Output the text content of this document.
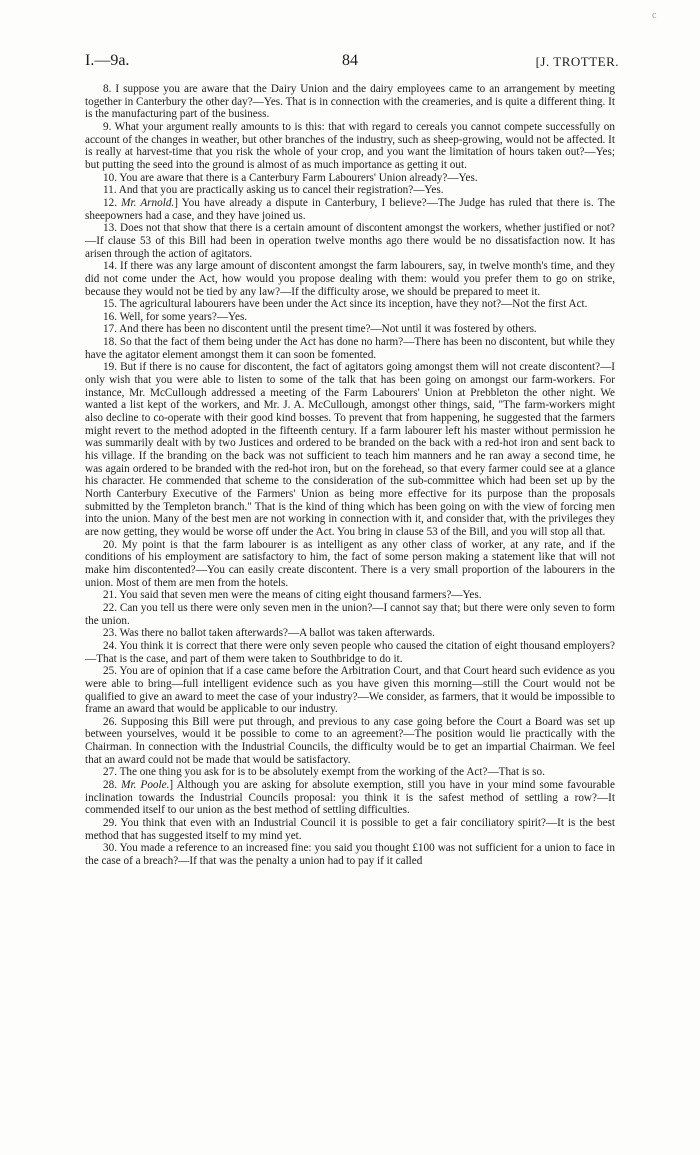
c
I.—9a.	84	[J. TROTTER.

8. I suppose you are aware that the Dairy Union and the dairy employees came to an arrangement by meeting together in Canterbury the other day?—Yes. That is in connection with the creameries, and is quite a different thing. It is the manufacturing part of the business.

9. What your argument really amounts to is this: that with regard to cereals you cannot compete successfully on account of the changes in weather, but other branches of the industry, such as sheep-growing, would not be affected. It is really at harvest-time that you risk the whole of your crop, and you want the limitation of hours taken out?—Yes; but putting the seed into the ground is almost of as much importance as getting it out.

10. You are aware that there is a Canterbury Farm Labourers' Union already?—Yes.

11. And that you are practically asking us to cancel their registration?—Yes.

12. Mr. Arnold.] You have already a dispute in Canterbury, I believe?—The Judge has ruled that there is. The sheepowners had a case, and they have joined us.

13. Does not that show that there is a certain amount of discontent amongst the workers, whether justified or not?—If clause 53 of this Bill had been in operation twelve months ago there would be no dissatisfaction now. It has arisen through the action of agitators.

14. If there was any large amount of discontent amongst the farm labourers, say, in twelve month's time, and they did not come under the Act, how would you propose dealing with them: would you prefer them to go on strike, because they would not be tied by any law?—If the difficulty arose, we should be prepared to meet it.

15. The agricultural labourers have been under the Act since its inception, have they not?—Not the first Act.

16. Well, for some years?—Yes.

17. And there has been no discontent until the present time?—Not until it was fostered by others.

18. So that the fact of them being under the Act has done no harm?—There has been no discontent, but while they have the agitator element amongst them it can soon be fomented.

19. But if there is no cause for discontent, the fact of agitators going amongst them will not create discontent?—I only wish that you were able to listen to some of the talk that has been going on amongst our farm-workers. For instance, Mr. McCullough addressed a meeting of the Farm Labourers' Union at Prebbleton the other night. We wanted a list kept of the workers, and Mr. J. A. McCullough, amongst other things, said, "The farm-workers might also decline to co-operate with their good kind bosses. To prevent that from happening, he suggested that the farmers might revert to the method adopted in the fifteenth century. If a farm labourer left his master without permission he was summarily dealt with by two Justices and ordered to be branded on the back with a red-hot iron and sent back to his village. If the branding on the back was not sufficient to teach him manners and he ran away a second time, he was again ordered to be branded with the red-hot iron, but on the forehead, so that every farmer could see at a glance his character. He commended that scheme to the consideration of the sub-committee which had been set up by the North Canterbury Executive of the Farmers' Union as being more effective for its purpose than the proposals submitted by the Templeton branch." That is the kind of thing which has been going on with the view of forcing men into the union. Many of the best men are not working in connection with it, and consider that, with the privileges they are now getting, they would be worse off under the Act. You bring in clause 53 of the Bill, and you will stop all that.

20. My point is that the farm labourer is as intelligent as any other class of worker, at any rate, and if the conditions of his employment are satisfactory to him, the fact of some person making a statement like that will not make him discontented?—You can easily create discontent. There is a very small proportion of the labourers in the union. Most of them are men from the hotels.

21. You said that seven men were the means of citing eight thousand farmers?—Yes.

22. Can you tell us there were only seven men in the union?—I cannot say that; but there were only seven to form the union.

23. Was there no ballot taken afterwards?—A ballot was taken afterwards.

24. You think it is correct that there were only seven people who caused the citation of eight thousand employers?—That is the case, and part of them were taken to Southbridge to do it.

25. You are of opinion that if a case came before the Arbitration Court, and that Court heard such evidence as you were able to bring—full intelligent evidence such as you have given this morning—still the Court would not be qualified to give an award to meet the case of your industry?—We consider, as farmers, that it would be impossible to frame an award that would be applicable to our industry.

26. Supposing this Bill were put through, and previous to any case going before the Court a Board was set up between yourselves, would it be possible to come to an agreement?—The position would lie practically with the Chairman. In connection with the Industrial Councils, the difficulty would be to get an impartial Chairman. We feel that an award could not be made that would be satisfactory.

27. The one thing you ask for is to be absolutely exempt from the working of the Act?—That is so.

28. Mr. Poole.] Although you are asking for absolute exemption, still you have in your mind some favourable inclination towards the Industrial Councils proposal: you think it is the safest method of settling a row?—It commended itself to our union as the best method of settling difficulties.

29. You think that even with an Industrial Council it is possible to get a fair conciliatory spirit?—It is the best method that has suggested itself to my mind yet.

30. You made a reference to an increased fine: you said you thought £100 was not sufficient for a union to face in the case of a breach?—If that was the penalty a union had to pay if it called
